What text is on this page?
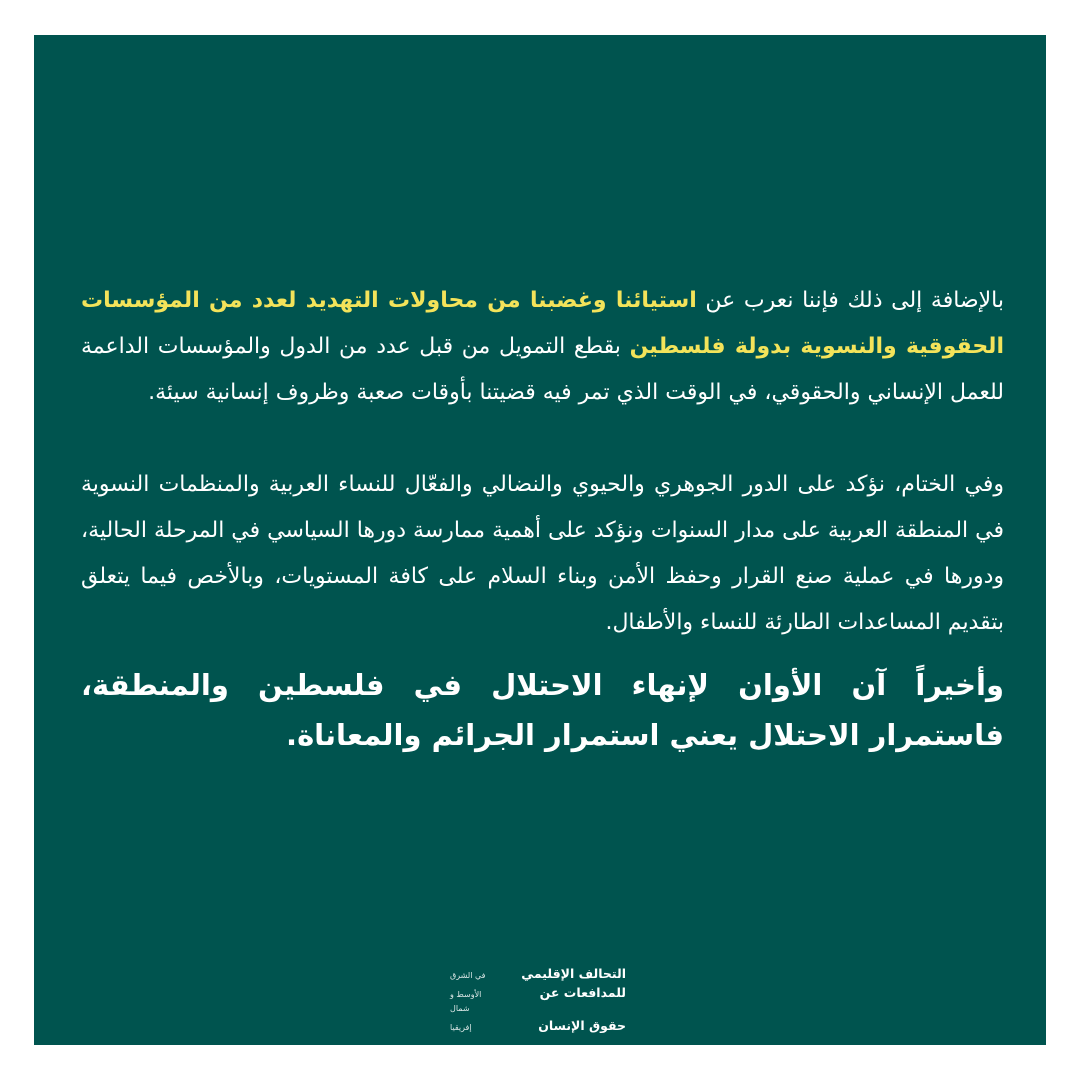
بالإضافة إلى ذلك فإننا نعرب عن استيائنا وغضبنا من محاولات التهديد لعدد من المؤسسات الحقوقية والنسوية بدولة فلسطين بقطع التمويل من قبل عدد من الدول والمؤسسات الداعمة للعمل الإنساني والحقوقي، في الوقت الذي تمر فيه قضيتنا بأوقات صعبة وظروف إنسانية سيئة.

وفي الختام، نؤكد على الدور الجوهري والحيوي والنضالي والفعّال للنساء العربية والمنظمات النسوية في المنطقة العربية على مدار السنوات ونؤكد على أهمية ممارسة دورها السياسي في المرحلة الحالية، ودورها في عملية صنع القرار وحفظ الأمن وبناء السلام على كافة المستويات، وبالأخص فيما يتعلق بتقديم المساعدات الطارئة للنساء والأطفال.

وأخيراً آن الأوان لإنهاء الاحتلال في فلسطين والمنطقة، فاستمرار الاحتلال يعني استمرار الجرائم والمعاناة.

التحالف الإقليمي
في الشرق
للمدافعات عن
الأوسط و
شمال
حقوق الإنسان
إفريقيا
